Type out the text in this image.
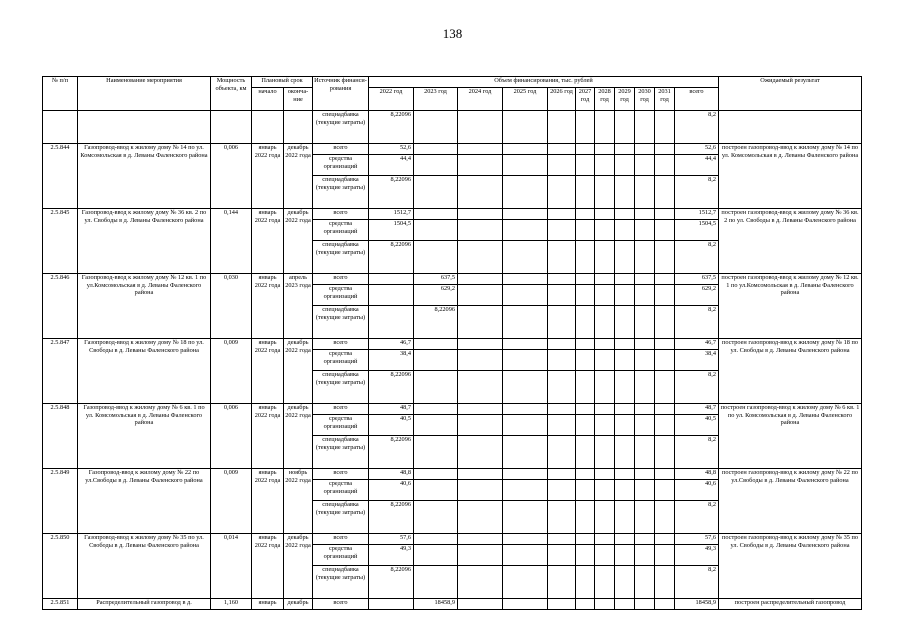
138
№ п/п	Наименование мероприятия	Мощность объекта, км	Плановый срок		Источник финанси-рования	Объем финансирования, тыс. рублей											Ожидаемый результат
			начало	оконча-ние		2022 год	2023 год	2024 год	2025 год	2026 год	2027 год	2028 год	2029 год	2030 год	2031 год	всего	

					спецнадбавка (текущие затраты)	8,22096										8,2	
2.5.844	Газопровод-ввод к жилому дому № 14 по ул. Комсомольская в д. Леваны Фаленского района	0,006	январь 2022 года	декабрь 2022 года	всего	52,6										52,6	построен газопровод-ввод к жилому дому № 14 по ул. Комсомольская в д. Леваны Фаленского района
					средства организаций	44,4										44,4	
					спецнадбавка (текущие затраты)	8,22096										8,2	
2.5.845	Газопровод-ввод к жилому дому № 36 кв. 2 по ул. Свободы в д. Леваны Фаленского района	0,144	январь 2022 года	декабрь 2022 года	всего	1512,7										1512,7	построен газопровод-ввод к жилому дому № 36 кв. 2 по ул. Свободы в д. Леваны Фаленского района
					средства организаций	1504,5										1504,5	
					спецнадбавка (текущие затраты)	8,22096										8,2	
2.5.846	Газопровод-ввод к жилому дому № 12 кв. 1 по ул.Комсомольская в д. Леваны Фаленского района	0,030	январь 2022 года	апрель 2023 года	всего		637,5									637,5	построен газопровод-ввод к жилому дому № 12 кв. 1 по ул.Комсомольская в д. Леваны Фаленского района
					средства организаций		629,2									629,2	
					спецнадбавка (текущие затраты)		8,22096									8,2	
2.5.847	Газопровод-ввод к жилому дому № 18 по ул. Свободы в д. Леваны Фаленского района	0,009	январь 2022 года	декабрь 2022 года	всего	46,7										46,7	построен газопровод-ввод к жилому дому № 18 по ул. Свободы в д. Леваны Фаленского района
					средства организаций	38,4										38,4	
					спецнадбавка (текущие затраты)	8,22096										8,2	
2.5.848	Газопровод-ввод к жилому дому № 6 кв. 1 по ул. Комсомольская в д. Леваны Фаленского района	0,006	январь 2022 года	декабрь 2022 года	всего	48,7										48,7	построен газопровод-ввод к жилому дому № 6 кв. 1 по ул. Комсомольская в д. Леваны Фаленского района
					средства организаций	40,5										40,5	
					спецнадбавка (текущие затраты)	8,22096										8,2	
2.5.849	Газопровод-ввод к жилому дому № 22 по ул.Свободы в д. Леваны Фаленского района	0,009	январь 2022 года	ноябрь 2022 года	всего	48,8										48,8	построен газопровод-ввод к жилому дому № 22 по ул.Свободы в д. Леваны Фаленского района
					средства организаций	40,6										40,6	
					спецнадбавка (текущие затраты)	8,22096										8,2	
2.5.850	Газопровод-ввод к жилому дому № 35 по ул. Свободы в д. Леваны Фаленского района	0,014	январь 2022 года	декабрь 2022 года	всего	57,6										57,6	построен газопровод-ввод к жилому дому № 35 по ул. Свободы в д. Леваны Фаленского района
					средства организаций	49,3										49,3	
					спецнадбавка (текущие затраты)	8,22096										8,2	
2.5.851	Распределительный газопровод в д.	1,160	январь	декабрь	всего		18458,9									18458,9	построен распределительный газопровод
